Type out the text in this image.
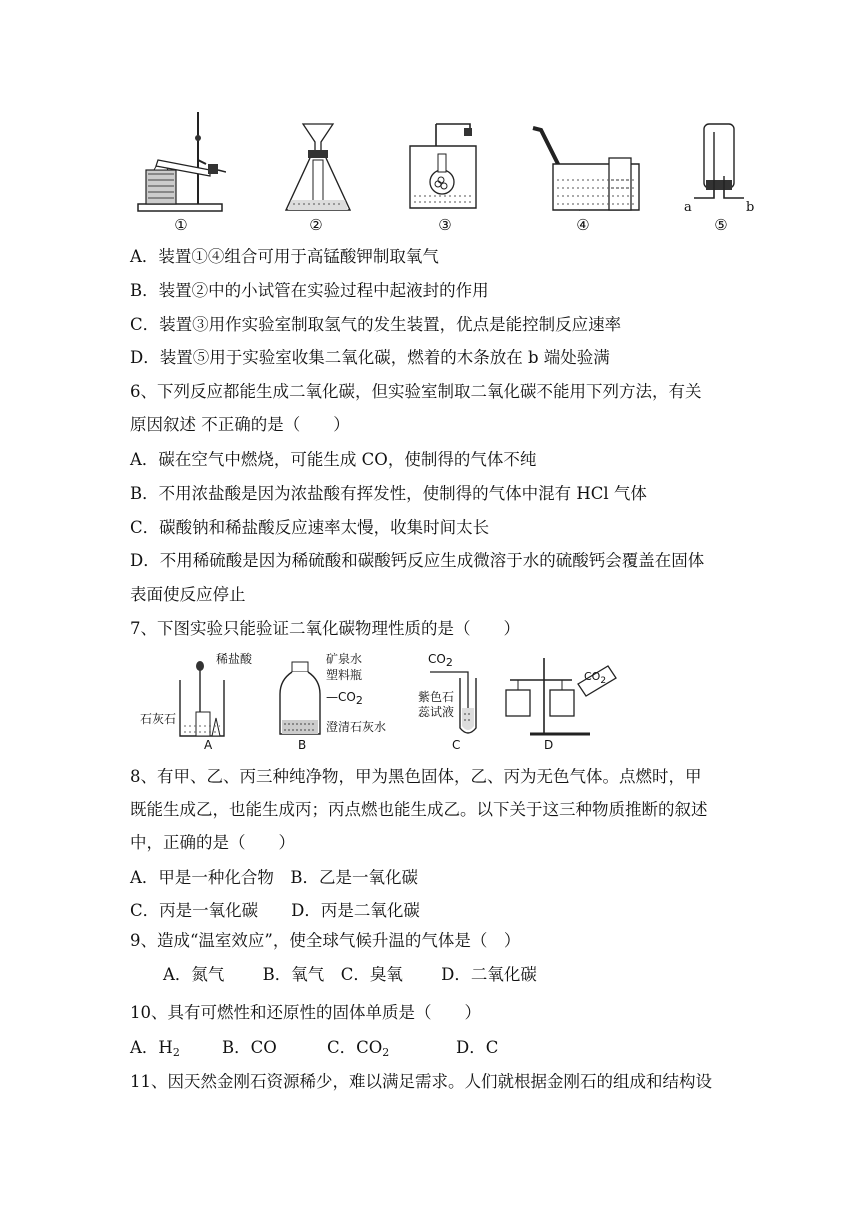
①	②	③	④
a	b
⑤
A．装置①④组合可用于高锰酸钾制取氧气
B．装置②中的小试管在实验过程中起液封的作用
C．装置③用作实验室制取氢气的发生装置，优点是能控制反应速率
D．装置⑤用于实验室收集二氧化碳，燃着的木条放在 b 端处验满
6、下列反应都能生成二氧化碳，但实验室制取二氧化碳不能用下列方法，有关
原因叙述 不正确的是（　　）
A．碳在空气中燃烧，可能生成 CO，使制得的气体不纯
B．不用浓盐酸是因为浓盐酸有挥发性，使制得的气体中混有 HCl 气体
C．碳酸钠和稀盐酸反应速率太慢，收集时间太长
D．不用稀硫酸是因为稀硫酸和碳酸钙反应生成微溶于水的硫酸钙会覆盖在固体
表面使反应停止
7、下图实验只能验证二氧化碳物理性质的是（　　）
稀盐酸
石灰石
A
矿泉水
塑料瓶
—CO2
澄清石灰水
B
CO2
紫色石
蕊试液
C
$CO_2$
D
8、有甲、乙、丙三种纯净物，甲为黑色固体，乙、丙为无色气体。点燃时，甲
既能生成乙，也能生成丙；丙点燃也能生成乙。以下关于这三种物质推断的叙述
中，正确的是（　　）
A．甲是一种化合物　B．乙是一氧化碳
C．丙是一氧化碳　　D．丙是二氧化碳
9、造成“温室效应”，使全球气候升温的气体是（　）
　　A．氮气　　 B．氧气　C．臭氧　　 D．二氧化碳
10、具有可燃性和还原性的固体单质是（　　）
A．H2	B．CO	C．CO2	D．C
11、因天然金刚石资源稀少，难以满足需求。人们就根据金刚石的组成和结构设
